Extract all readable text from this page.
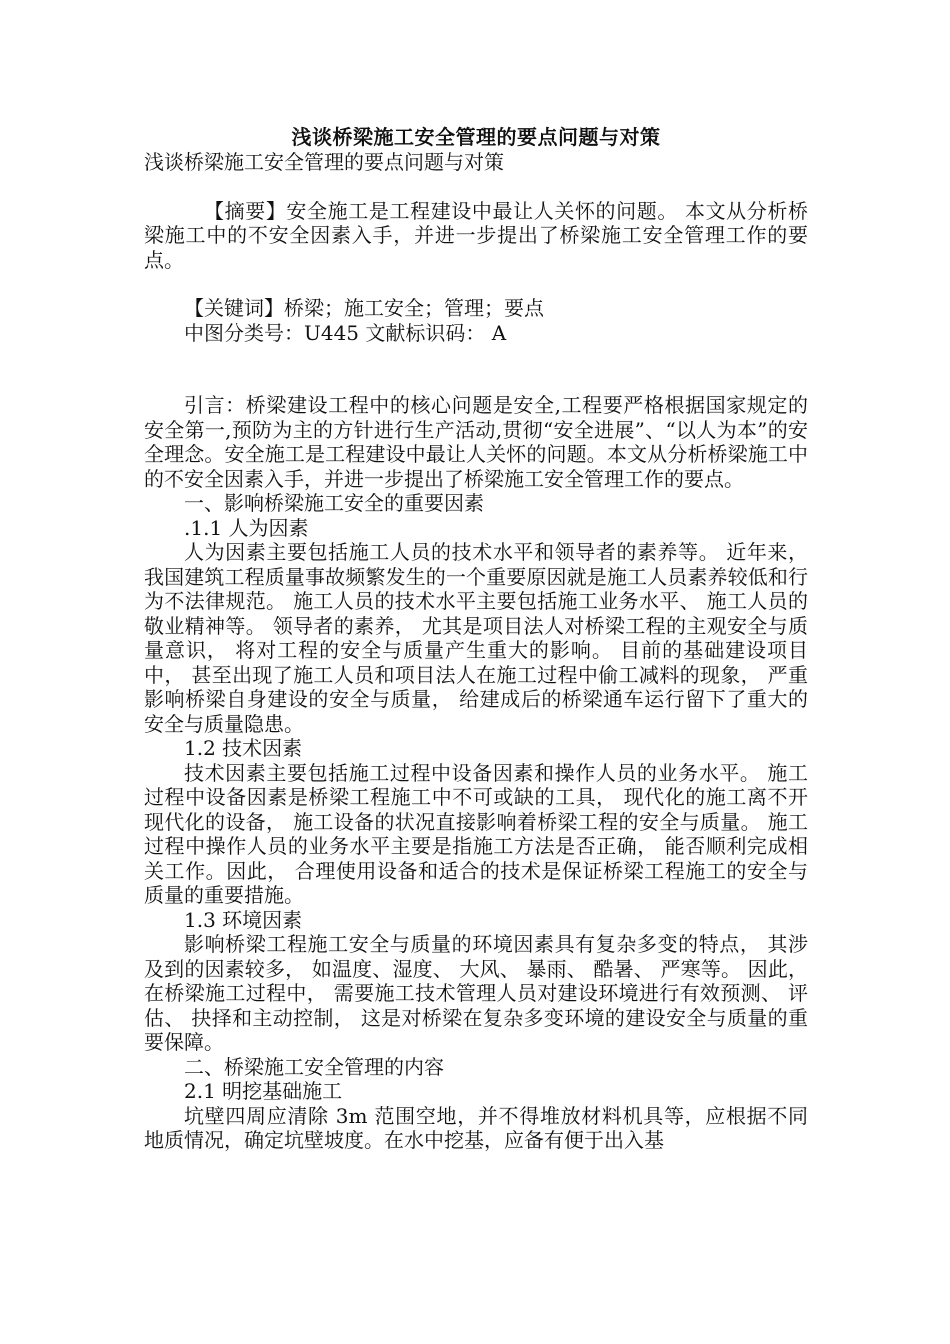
浅谈桥梁施工安全管理的要点问题与对策

浅谈桥梁施工安全管理的要点问题与对策

【摘要】安全施工是工程建设中最让人关怀的问题。 本文从分析桥梁施工中的不安全因素入手，并进一步提出了桥梁施工安全管理工作的要点。

【关键词】桥梁；施工安全；管理；要点

中图分类号：U445 文献标识码： A

引言：桥梁建设工程中的核心问题是安全,工程要严格根据国家规定的安全第一,预防为主的方针进行生产活动,贯彻“安全进展”、“以人为本”的安全理念。安全施工是工程建设中最让人关怀的问题。本文从分析桥梁施工中的不安全因素入手，并进一步提出了桥梁施工安全管理工作的要点。

一、影响桥梁施工安全的重要因素

.1.1 人为因素

人为因素主要包括施工人员的技术水平和领导者的素养等。 近年来， 我国建筑工程质量事故频繁发生的一个重要原因就是施工人员素养较低和行为不法律规范。 施工人员的技术水平主要包括施工业务水平、 施工人员的敬业精神等。 领导者的素养， 尤其是项目法人对桥梁工程的主观安全与质量意识， 将对工程的安全与质量产生重大的影响。 目前的基础建设项目中， 甚至出现了施工人员和项目法人在施工过程中偷工减料的现象， 严重影响桥梁自身建设的安全与质量， 给建成后的桥梁通车运行留下了重大的安全与质量隐患。

1.2 技术因素

技术因素主要包括施工过程中设备因素和操作人员的业务水平。 施工过程中设备因素是桥梁工程施工中不可或缺的工具， 现代化的施工离不开现代化的设备， 施工设备的状况直接影响着桥梁工程的安全与质量。 施工过程中操作人员的业务水平主要是指施工方法是否正确， 能否顺利完成相关工作。因此， 合理使用设备和适合的技术是保证桥梁工程施工的安全与质量的重要措施。

1.3 环境因素

影响桥梁工程施工安全与质量的环境因素具有复杂多变的特点， 其涉及到的因素较多， 如温度、湿度、 大风、 暴雨、 酷暑、 严寒等。 因此， 在桥梁施工过程中， 需要施工技术管理人员对建设环境进行有效预测、 评估、 抉择和主动控制， 这是对桥梁在复杂多变环境的建设安全与质量的重要保障。

二、桥梁施工安全管理的内容

2.1 明挖基础施工

坑壁四周应清除 3m 范围空地，并不得堆放材料机具等，应根据不同地质情况，确定坑壁坡度。在水中挖基，应备有便于出入基
